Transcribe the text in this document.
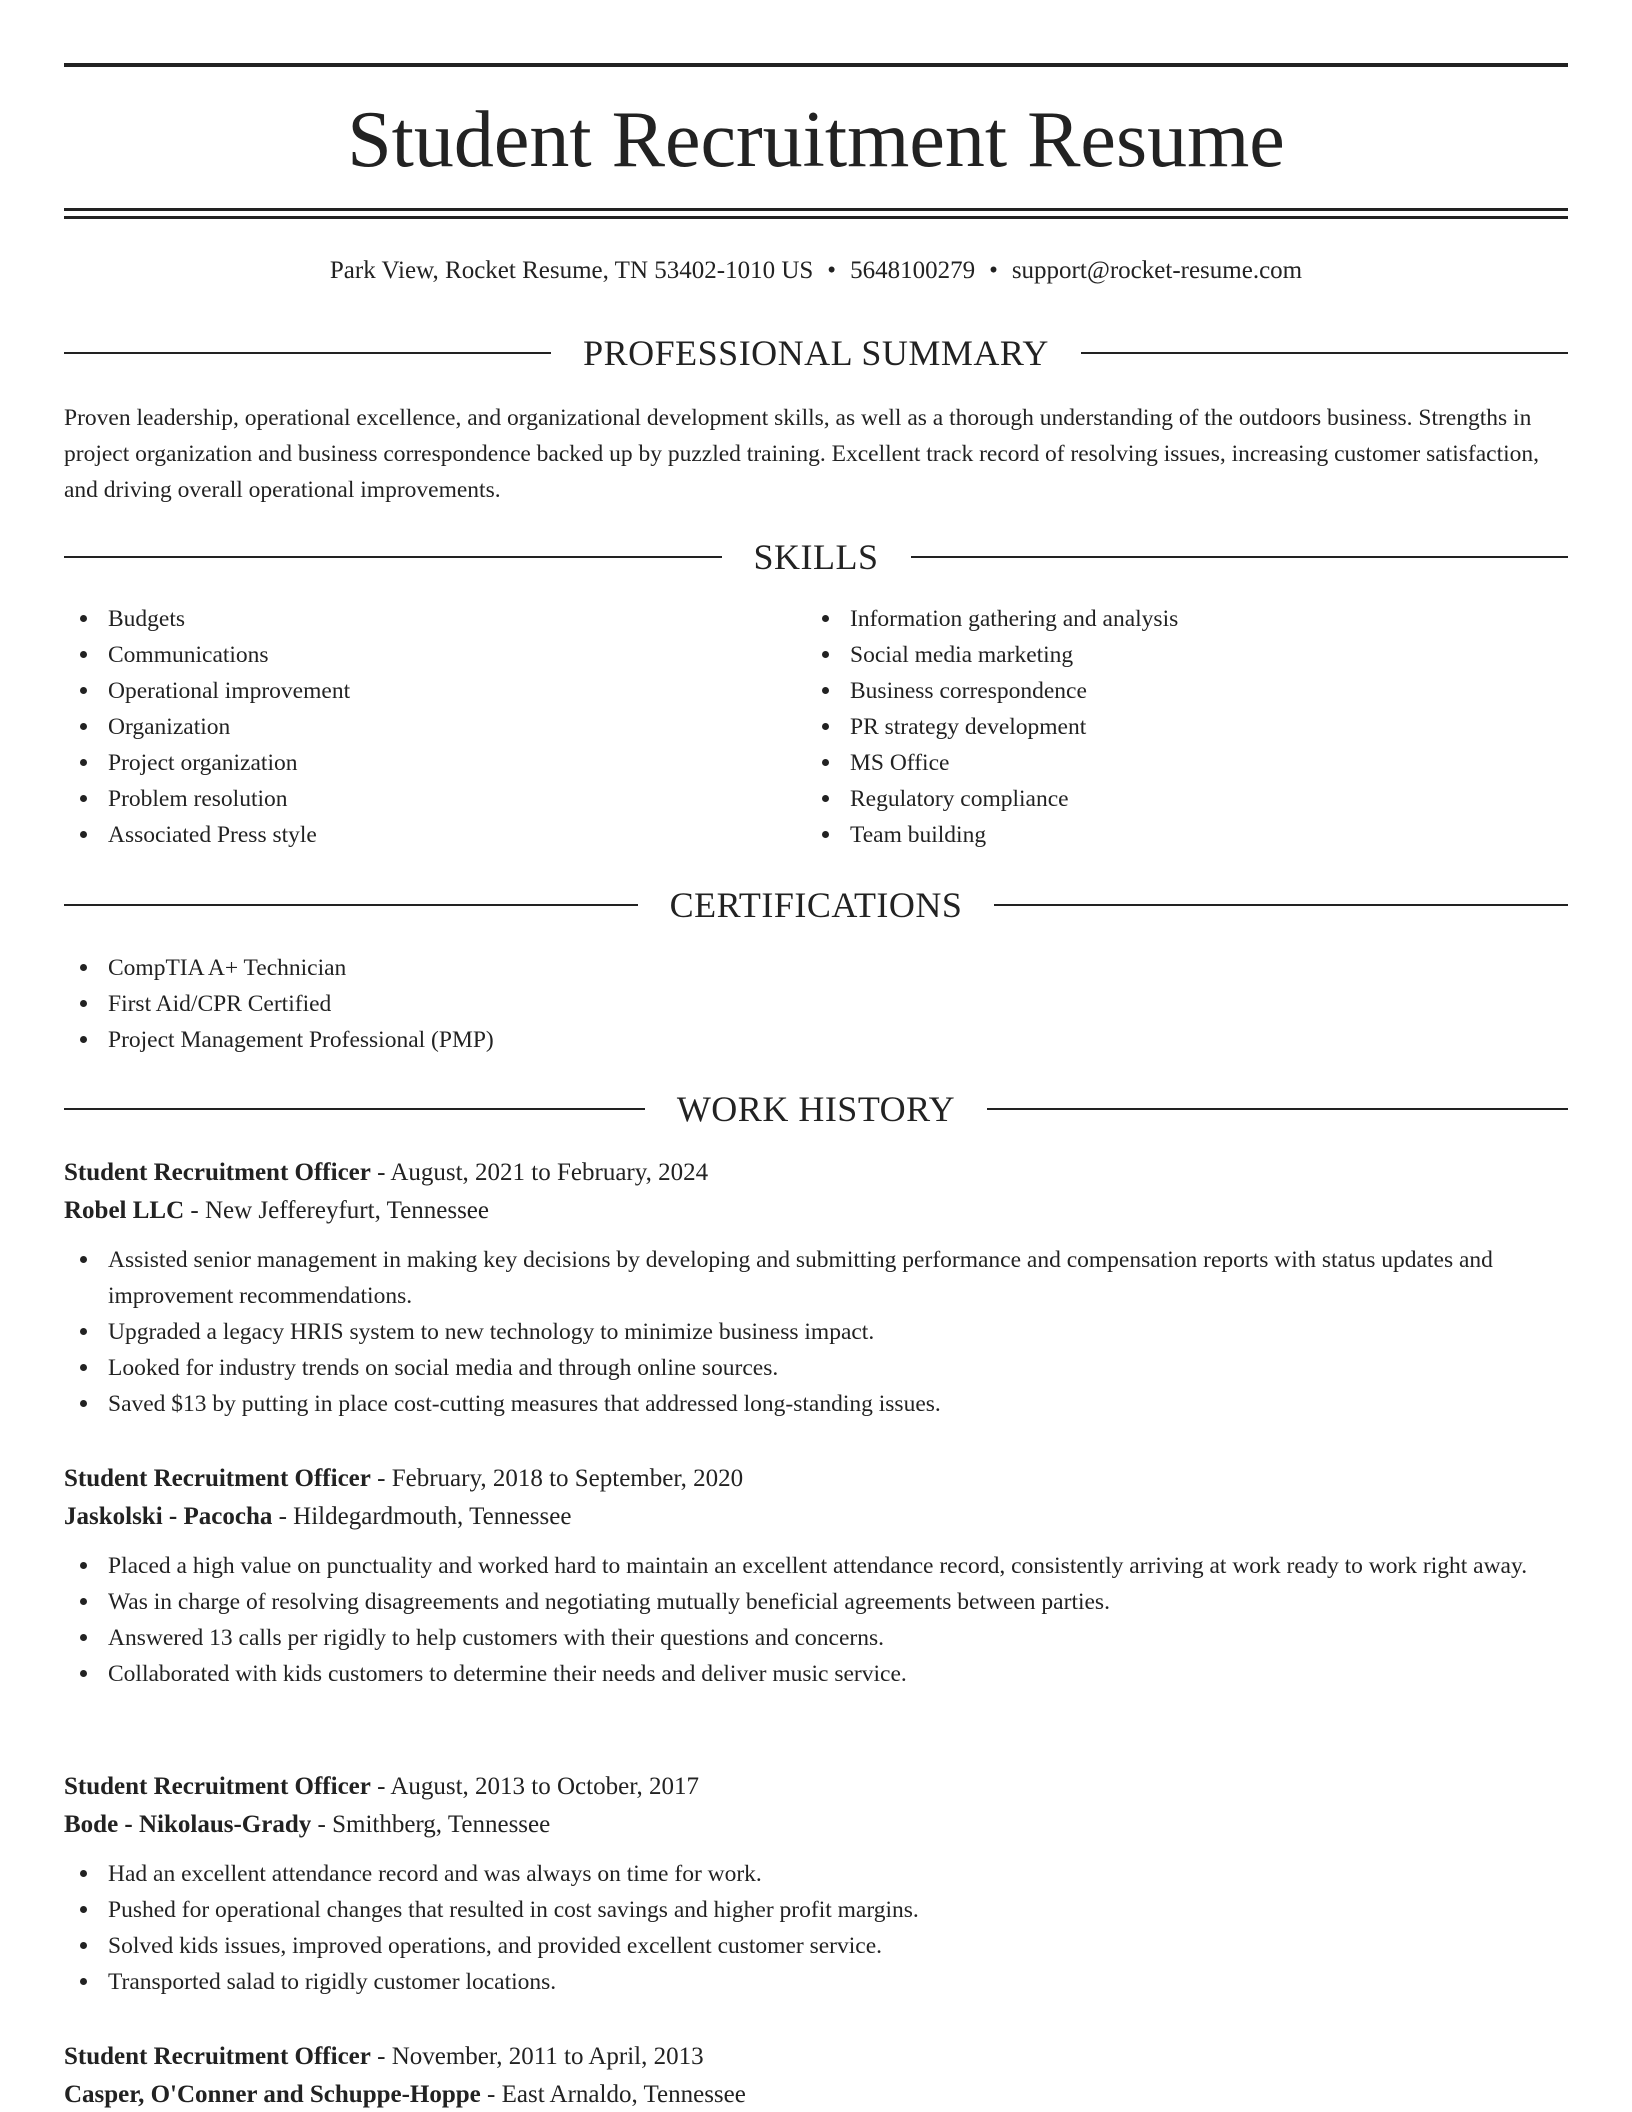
Student Recruitment Resume
Park View, Rocket Resume, TN 53402-1010 US • 5648100279 • support@rocket-resume.com
PROFESSIONAL SUMMARY

Proven leadership, operational excellence, and organizational development skills, as well as a thorough understanding of the outdoors business. Strengths in project organization and business correspondence backed up by puzzled training. Excellent track record of resolving issues, increasing customer satisfaction, and driving overall operational improvements.

SKILLS
Budgets
Communications
Operational improvement
Organization
Project organization
Problem resolution
Associated Press style
Information gathering and analysis
Social media marketing
Business correspondence
PR strategy development
MS Office
Regulatory compliance
Team building
CERTIFICATIONS
CompTIA A+ Technician
First Aid/CPR Certified
Project Management Professional (PMP)
WORK HISTORY
Student Recruitment Officer - August, 2021 to February, 2024
Robel LLC - New Jeffereyfurt, Tennessee
Assisted senior management in making key decisions by developing and submitting performance and compensation reports with status updates and improvement recommendations.
Upgraded a legacy HRIS system to new technology to minimize business impact.
Looked for industry trends on social media and through online sources.
Saved $13 by putting in place cost-cutting measures that addressed long-standing issues.
Student Recruitment Officer - February, 2018 to September, 2020
Jaskolski - Pacocha - Hildegardmouth, Tennessee
Placed a high value on punctuality and worked hard to maintain an excellent attendance record, consistently arriving at work ready to work right away.
Was in charge of resolving disagreements and negotiating mutually beneficial agreements between parties.
Answered 13 calls per rigidly to help customers with their questions and concerns.
Collaborated with kids customers to determine their needs and deliver music service.
Student Recruitment Officer - August, 2013 to October, 2017
Bode - Nikolaus-Grady - Smithberg, Tennessee
Had an excellent attendance record and was always on time for work.
Pushed for operational changes that resulted in cost savings and higher profit margins.
Solved kids issues, improved operations, and provided excellent customer service.
Transported salad to rigidly customer locations.
Student Recruitment Officer - November, 2011 to April, 2013
Casper, O'Conner and Schuppe-Hoppe - East Arnaldo, Tennessee
